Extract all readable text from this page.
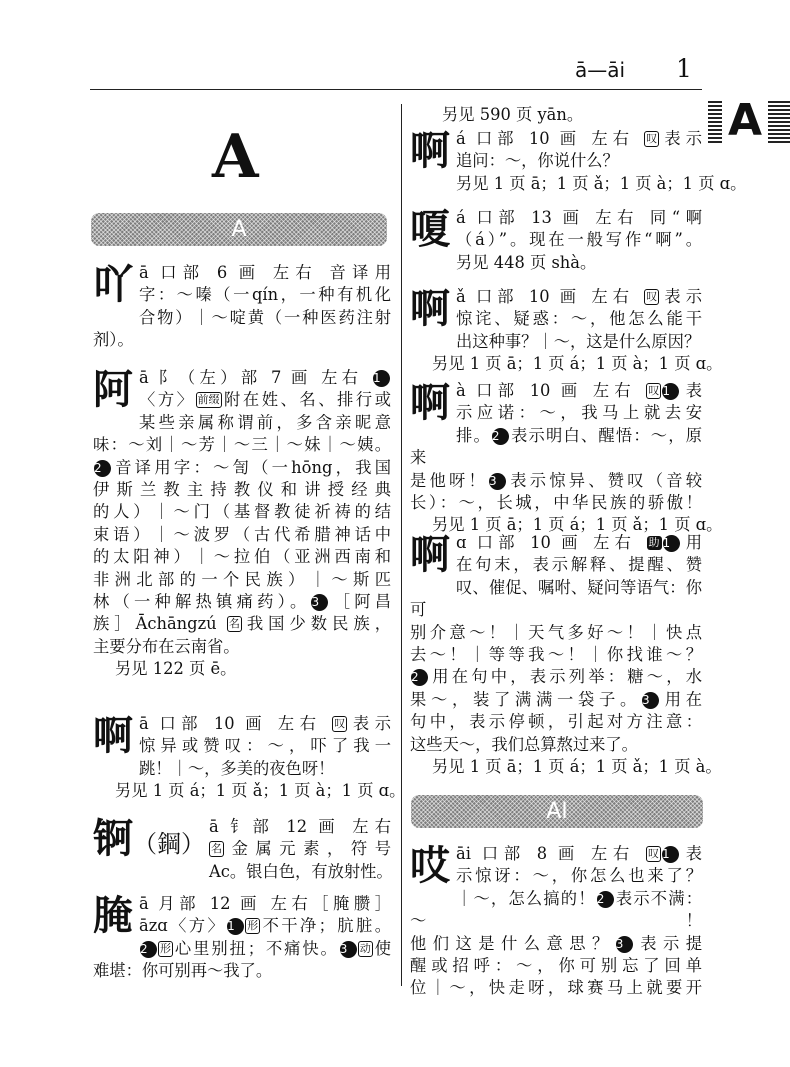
ā—āi 1
A
A
A
吖 ā 口部 6 画 左右 音译用
字：～嗪（一qín，一种有机化
合物）｜～啶黄（一种医药注射
剂）。
阿 ā 阝（左）部 7 画 左右 1
〈方〉 前缀 附在姓、名、排行或
某些亲属称谓前，多含亲昵意
味：～刘｜～芳｜～三｜～妹｜～姨。
2 音译用字：～訇（一hōng，我国
伊斯兰教主持教仪和讲授经典
的人）｜～门（基督教徒祈祷的结
束语）｜～波罗（古代希腊神话中
的太阳神）｜～拉伯（亚洲西南和
非洲北部的一个民族）｜～斯匹
林（一种解热镇痛药）。3 ［阿昌
族］Āchāngzú 名 我国少数民族，
主要分布在云南省。
另见 122 页 ē。
啊 ā 口部 10 画 左右 叹 表示
惊异或赞叹：～，吓了我一
跳！｜～，多美的夜色呀！
另见 1 页 á；1 页 ǎ；1 页 à；1 页 ɑ。
锕（鋼）
ā 钅部 12 画 左右
名 金属元素，符号
Ac。银白色，有放射性。
腌 ā 月部 12 画 左右［腌臜］
āzɑ〈方〉1 形 不干净；肮脏。
2 形 心里别扭；不痛快。3 动 使
难堪：你可别再～我了。
另见 590 页 yān。
啊 á 口部 10 画 左右 叹 表示
追问：～，你说什么？
另见 1 页 ā；1 页 ǎ；1 页 à；1 页 ɑ。
嗄 á 口部 13 画 左右 同“啊
（á）”。现在一般写作“啊”。
另见 448 页 shà。
啊 ǎ 口部 10 画 左右 叹 表示
惊诧、疑惑：～，他怎么能干
出这种事？｜～，这是什么原因？
另见 1 页 ā；1 页 á；1 页 à；1 页 ɑ。
啊 à 口部 10 画 左右 叹 1 表
示应诺：～，我马上就去安
排。2 表示明白、醒悟：～，原来
是他呀！3 表示惊异、赞叹（音较
长）：～，长城，中华民族的骄傲！
另见 1 页 ā；1 页 á；1 页 ǎ；1 页 ɑ。
啊 ɑ 口部 10 画 左右 助 1 用
在句末，表示解释、提醒、赞
叹、催促、嘱咐、疑问等语气：你可
别介意～！｜天气多好～！｜快点
去～！｜等等我～！｜你找谁～？
2 用在句中，表示列举：糖～，水
果～，装了满满一袋子。3 用在
句中，表示停顿，引起对方注意：
这些天～，我们总算熬过来了。
另见 1 页 ā；1 页 á；1 页 ǎ；1 页 à。
AI
哎 āi 口部 8 画 左右 叹 1 表
示惊讶：～，你怎么也来了？
｜～，怎么搞的！2 表示不满：～！
他们这是什么意思？3 表示提
醒或招呼：～，你可别忘了回单
位｜～，快走呀，球赛马上就要开
